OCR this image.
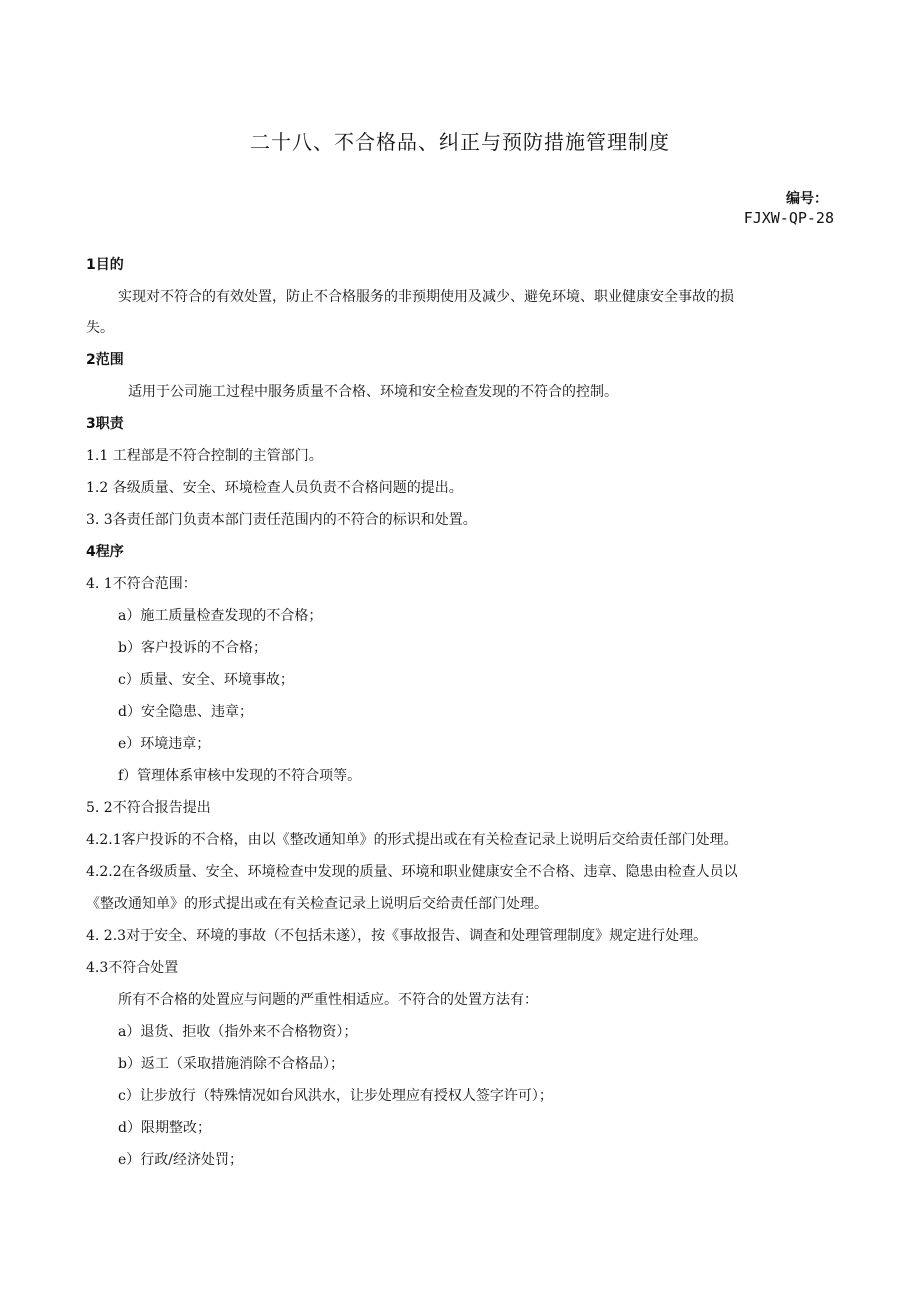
二十八、不合格品、纠正与预防措施管理制度
编号：
FJXW-QP-28
1目的
实现对不符合的有效处置，防止不合格服务的非预期使用及减少、避免环境、职业健康安全事故的损
失。
2范围
适用于公司施工过程中服务质量不合格、环境和安全检查发现的不符合的控制。
3职责
1.1 工程部是不符合控制的主管部门。
1.2 各级质量、安全、环境检查人员负责不合格问题的提出。
3. 3各责任部门负责本部门责任范围内的不符合的标识和处置。
4程序
4. 1不符合范围：
a）施工质量检查发现的不合格；
b）客户投诉的不合格；
c）质量、安全、环境事故；
d）安全隐患、违章；
e）环境违章；
f）管理体系审核中发现的不符合项等。
5. 2不符合报告提出
4.2.1客户投诉的不合格，由以《整改通知单》的形式提出或在有关检查记录上说明后交给责任部门处理。
4.2.2在各级质量、安全、环境检查中发现的质量、环境和职业健康安全不合格、违章、隐患由检查人员以
《整改通知单》的形式提出或在有关检查记录上说明后交给责任部门处理。
4. 2.3对于安全、环境的事故（不包括未遂），按《事故报告、调查和处理管理制度》规定进行处理。
4.3不符合处置
所有不合格的处置应与问题的严重性相适应。不符合的处置方法有：
a）退货、拒收（指外来不合格物资）；
b）返工（采取措施消除不合格品）；
c）让步放行（特殊情况如台风洪水，让步处理应有授权人签字许可）；
d）限期整改；
e）行政/经济处罚；
